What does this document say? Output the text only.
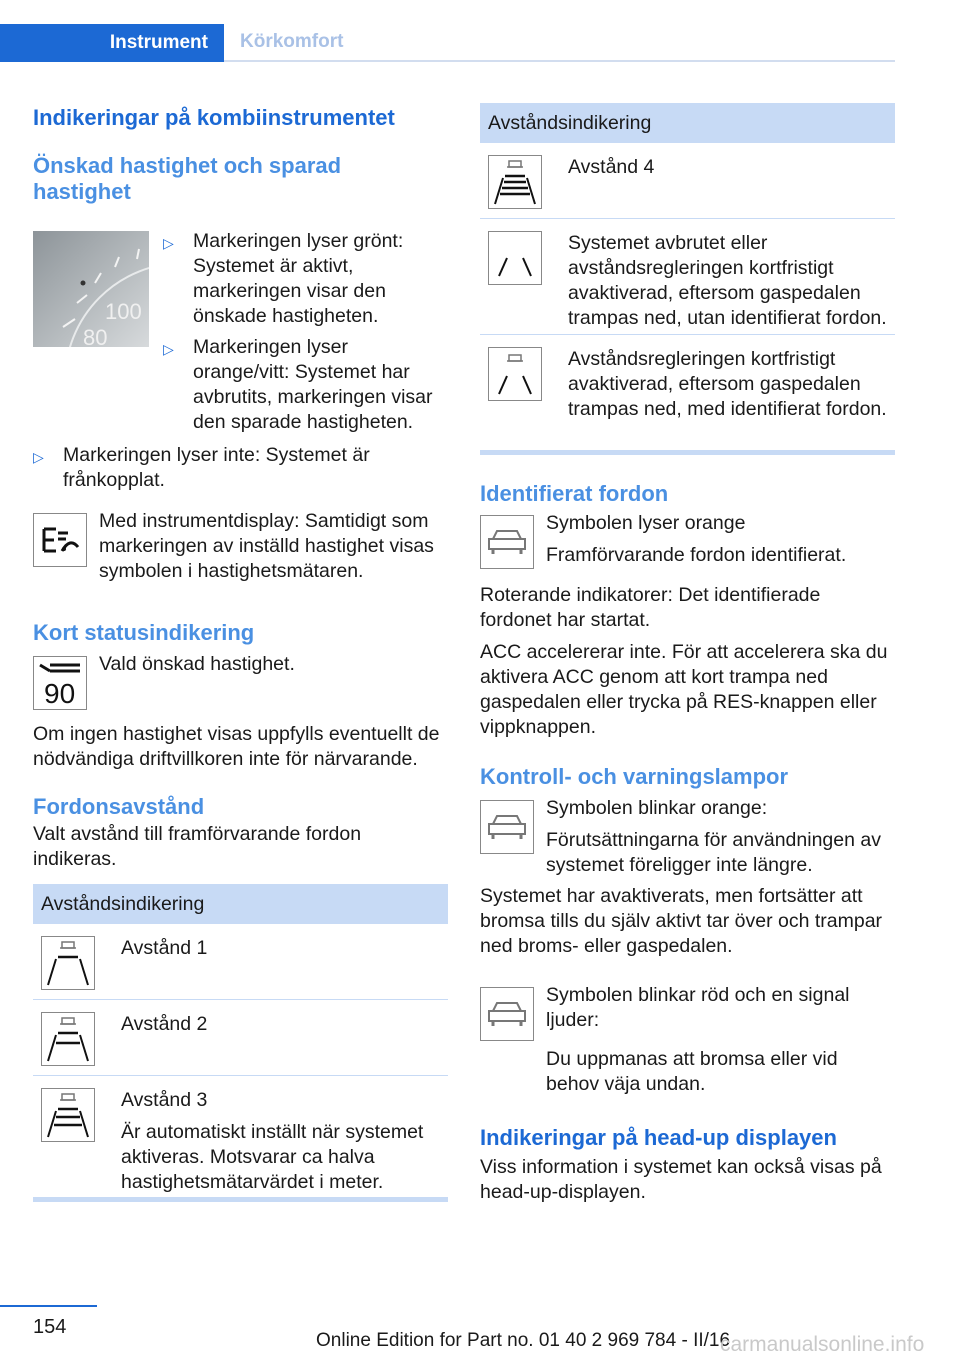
Instrument	Körkomfort
Indikeringar på kombiinstrumentet
Önskad hastighet och sparad hastighet
100
80
▷ Markeringen lyser grönt: Systemet är aktivt, markeringen visar den önskade hastigheten.
▷ Markeringen lyser orange/vitt: Systemet har avbrutits, markeringen visar den sparade hastigheten.
▷ Markeringen lyser inte: Systemet är frånkopplat.

Med instrumentdisplay: Samtidigt som markeringen av inställd hastighet visas symbolen i hastighetsmätaren.

Kort statusindikering
90

Vald önskad hastighet.

Om ingen hastighet visas uppfylls eventuellt de nödvändiga driftvillkoren inte för närvarande.

Fordonsavstånd

Valt avstånd till framförvarande fordon indikeras.

Avståndsindikering

Avstånd 1

Avstånd 2

Avstånd 3

Är automatiskt inställt när systemet aktiveras. Motsvarar ca halva hastighetsmätarvärdet i meter.

Avståndsindikering

Avstånd 4

Systemet avbrutet eller avståndsregleringen kortfristigt avaktiverad, eftersom gaspedalen trampas ned, utan identifierat fordon.

Avståndsregleringen kortfristigt avaktiverad, eftersom gaspedalen trampas ned, med identifierat fordon.

Identifierat fordon

Symbolen lyser orange

Framförvarande fordon identifierat.

Roterande indikatorer: Det identifierade fordonet har startat.

ACC accelererar inte. För att accelerera ska du aktivera ACC genom att kort trampa ned gaspedalen eller trycka på RES-knappen eller vippknappen.

Kontroll- och varningslampor

Symbolen blinkar orange:

Förutsättningarna för användningen av systemet föreligger inte längre.

Systemet har avaktiverats, men fortsätter att bromsa tills du själv aktivt tar över och trampar ned broms- eller gaspedalen.

Symbolen blinkar röd och en signal ljuder:

Du uppmanas att bromsa eller vid behov väja undan.

Indikeringar på head-up displayen

Viss information i systemet kan också visas på head-up-displayen.

154
Online Edition for Part no. 01 40 2 969 784 - II/16
carmanualsonline.info
